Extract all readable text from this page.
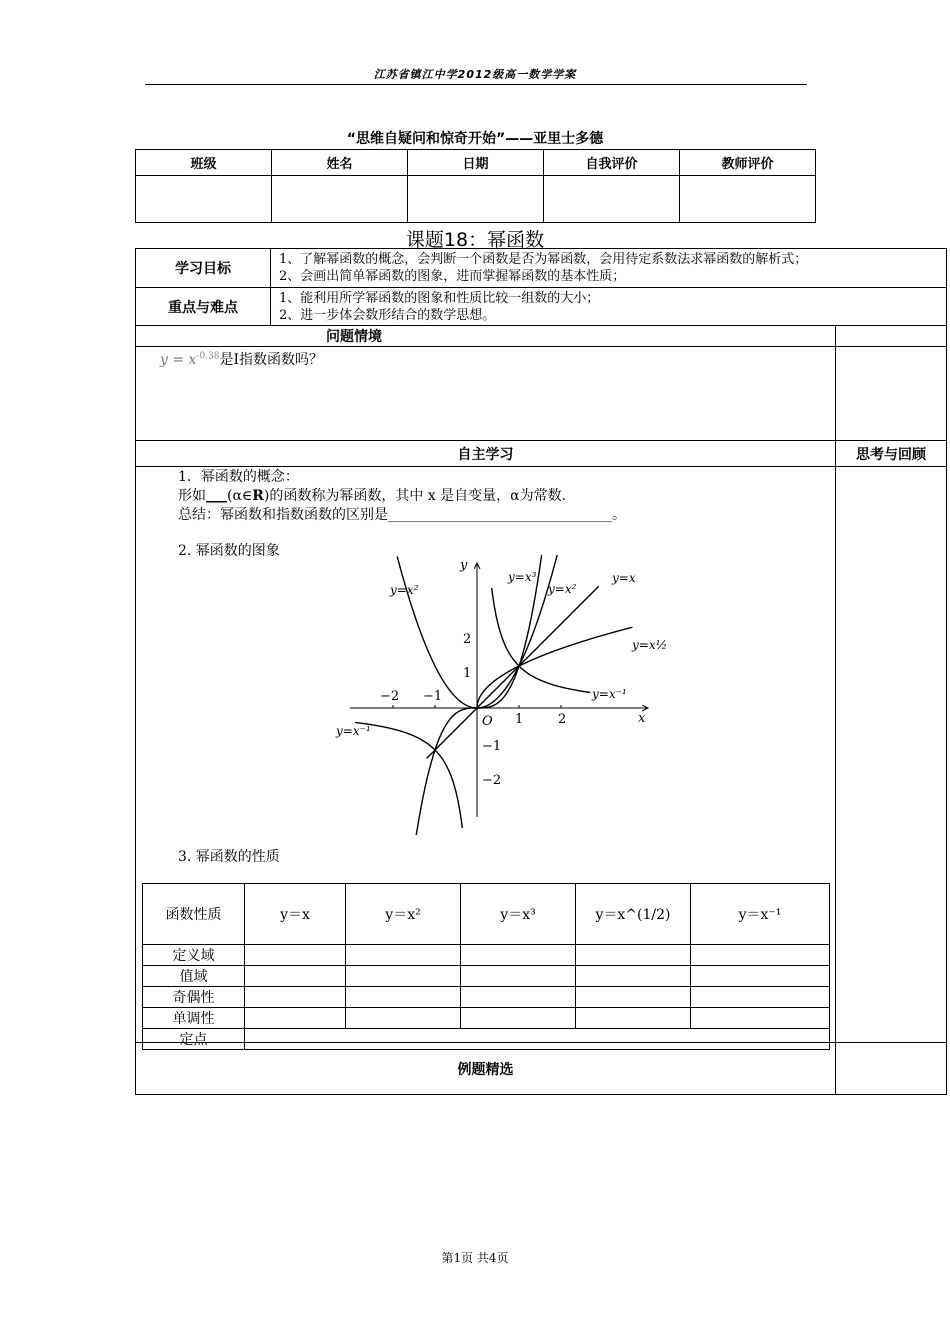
江苏省镇江中学2012级高一数学学案
“思维自疑问和惊奇开始”——亚里士多德
班级	姓名	日期	自我评价	教师评价

课题18：幂函数
学习目标	1、了解幂函数的概念，会判断一个函数是否为幂函数，会用待定系数法求幂函数的解析式；
2、会画出简单幂函数的图象，进而掌握幂函数的基本性质；	

重点与难点	1、能利用所学幂函数的图象和性质比较一组数的大小；
2、进一步体会数形结合的数学思想。	

问题情境		
$y = x^{-0.38}$是I指数函数吗？		
自主学习		思考与回顾

例题精选		
1．幂函数的概念：
形如___(α∈R)的函数称为幂函数，其中 x 是自变量，α为常数.
总结：幂函数和指数函数的区别是________________________________。
2. 幂函数的图象
x
y
O
−2 −1
1	2
2
1
−1
−2
y=x³
y=x²
y=x²
y=x
y=x½
y=x⁻¹
y=x⁻¹
3. 幂函数的性质
函数性质	y＝x	y＝x²	y＝x³	y＝x^(1/2)	y＝x⁻¹
定义域					
值域					
奇偶性					
单调性					
定点					
第1页 共4页
